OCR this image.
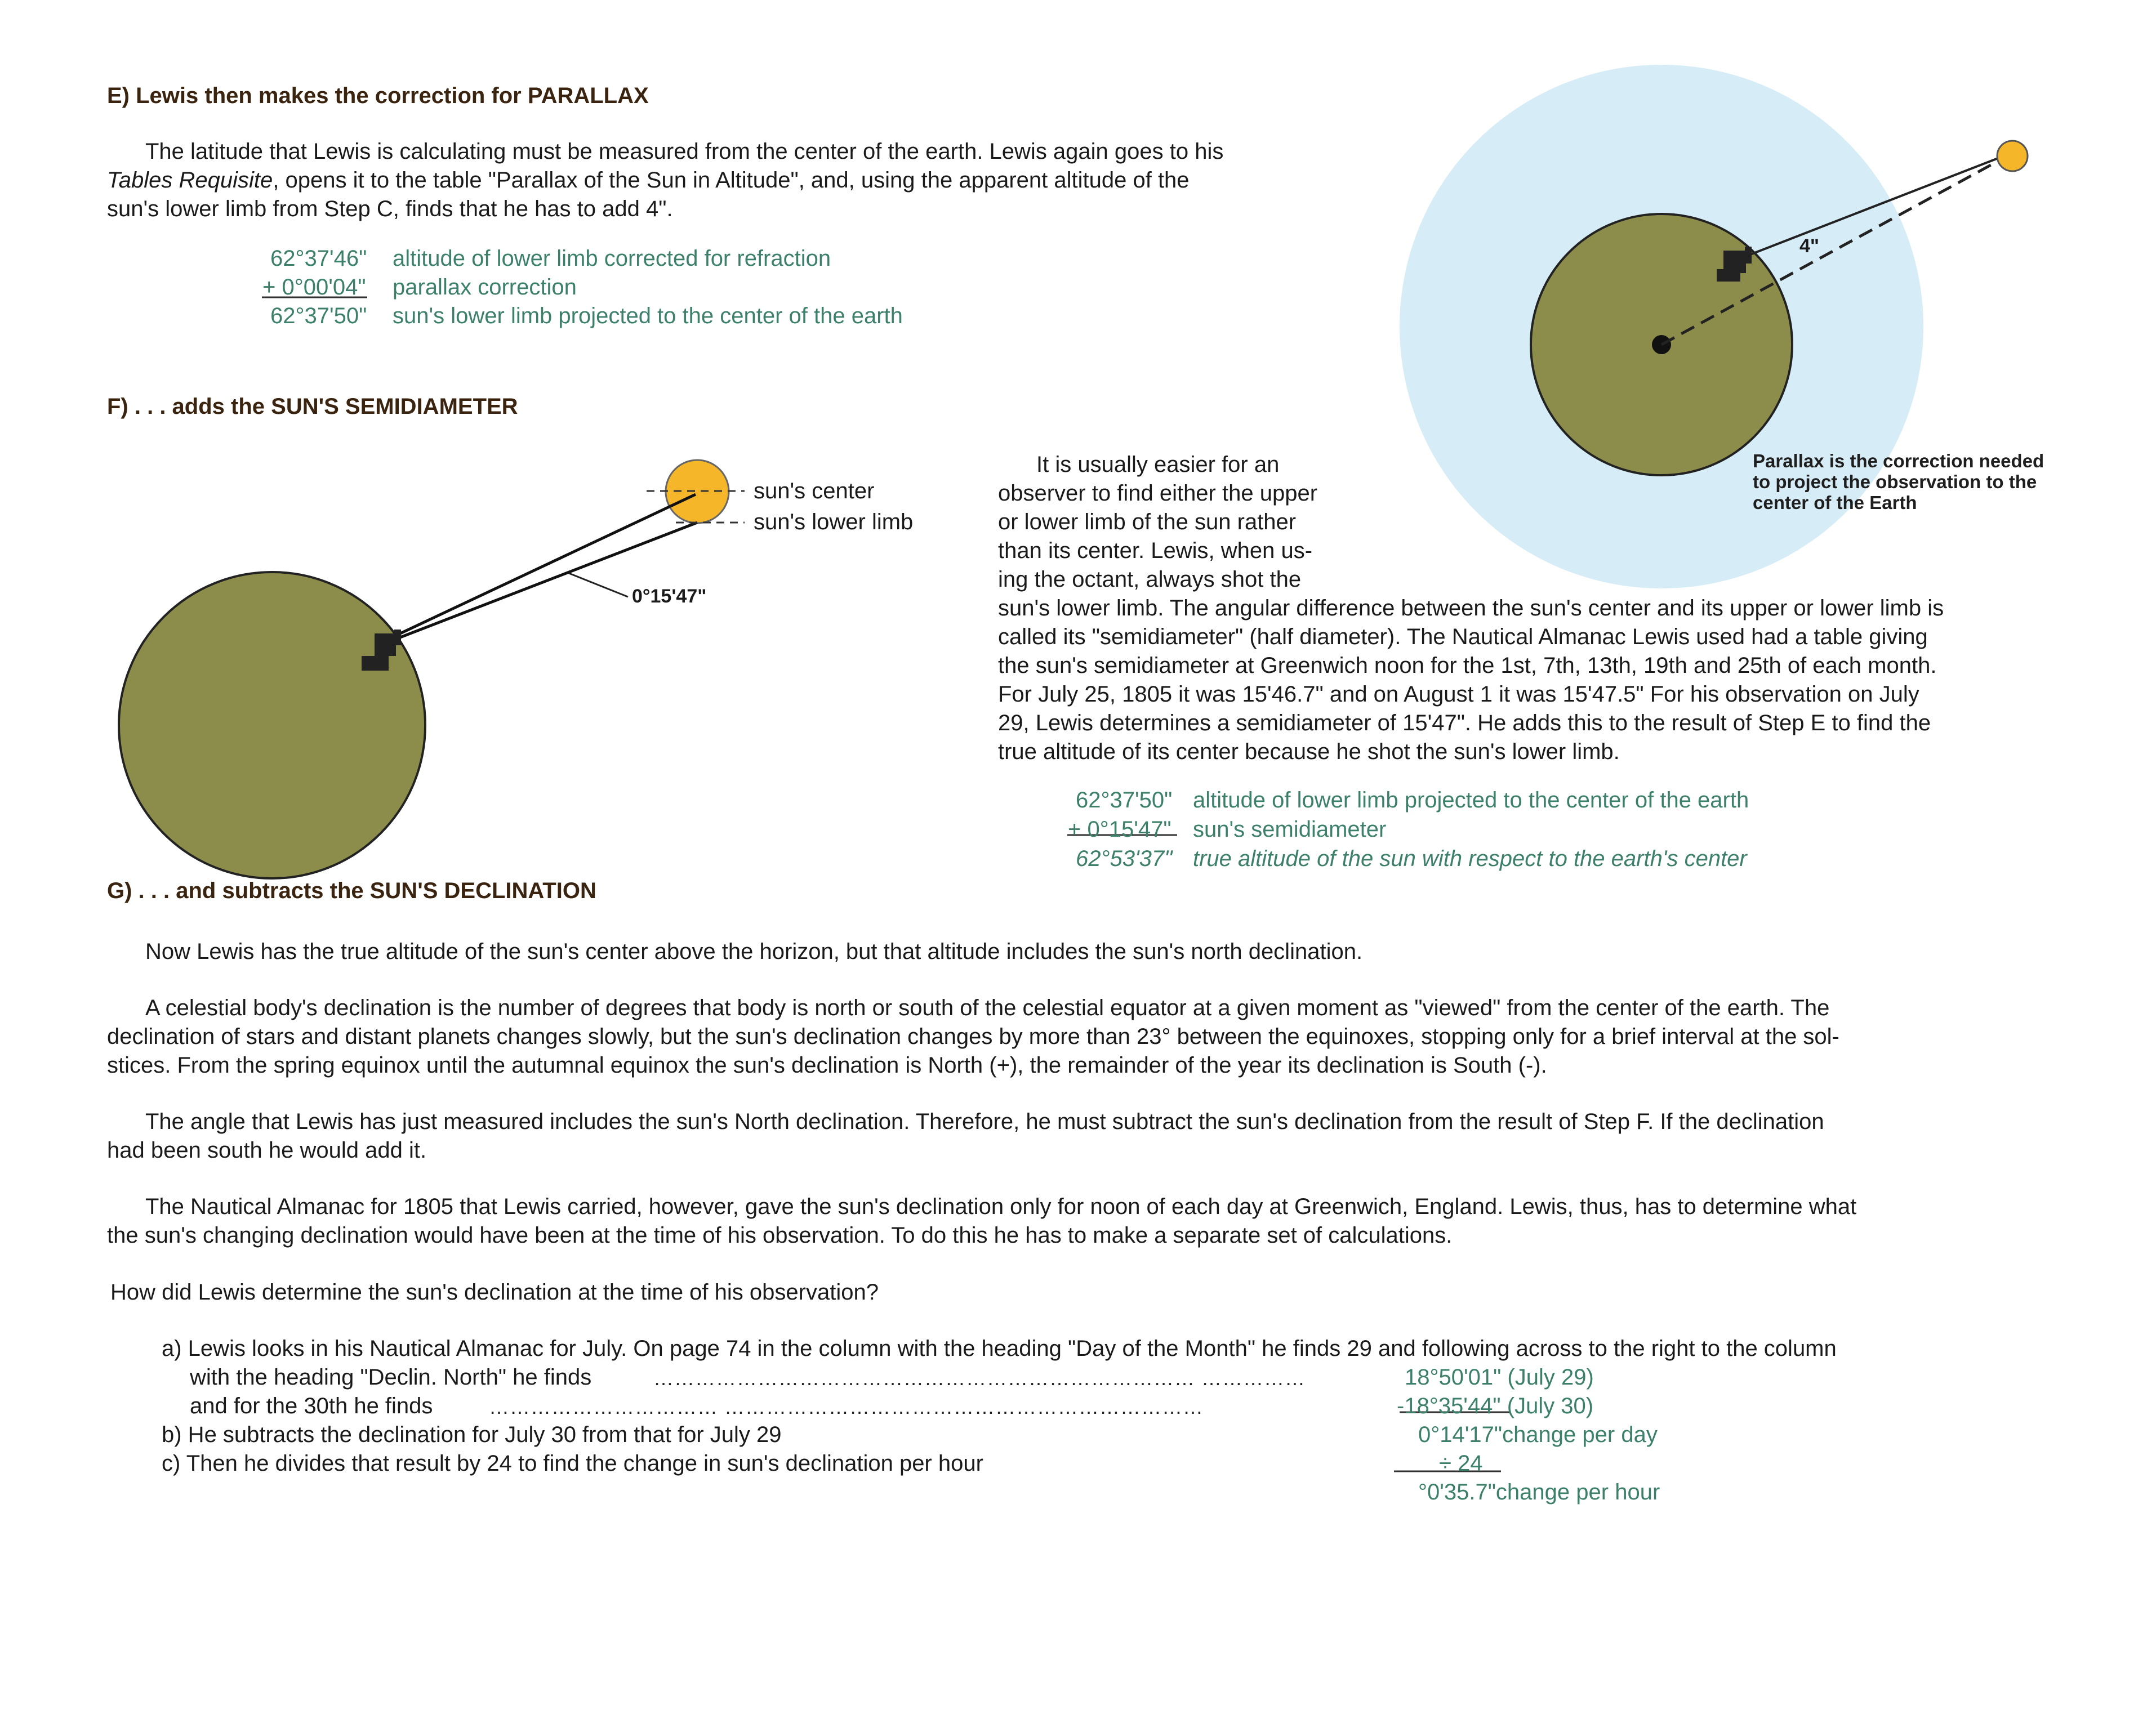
E) Lewis then makes the correction for PARALLAX
The latitude that Lewis is calculating must be measured from the center of the earth. Lewis again goes to his
Tables Requisite, opens it to the table "Parallax of the Sun in Altitude", and, using the apparent altitude of the
sun's lower limb from Step C, finds that he has to add 4".
62°37'46" altitude of lower limb corrected for refraction
+ 0°00'04" parallax correction
62°37'50" sun's lower limb projected to the center of the earth
4"
Parallax is the correction needed
to project the observation to the
center of the Earth
F) . . . adds the SUN'S SEMIDIAMETER
sun's center
sun's lower limb
0°15'47"
It is usually easier for an
observer to find either the upper
or lower limb of the sun rather
than its center. Lewis, when us-
ing the octant, always shot the
sun's lower limb. The angular difference between the sun's center and its upper or lower limb is
called its "semidiameter" (half diameter). The Nautical Almanac Lewis used had a table giving
the sun's semidiameter at Greenwich noon for the 1st, 7th, 13th, 19th and 25th of each month.
For July 25, 1805 it was 15'46.7" and on August 1 it was 15'47.5" For his observation on July
29, Lewis determines a semidiameter of 15'47". He adds this to the result of Step E to find the
true altitude of its center because he shot the sun's lower limb.
62°37'50" altitude of lower limb projected to the center of the earth
+ 0°15'47" sun's semidiameter
62°53'37" true altitude of the sun with respect to the earth's center
G) . . . and subtracts the SUN'S DECLINATION
Now Lewis has the true altitude of the sun's center above the horizon, but that altitude includes the sun's north declination.
A celestial body's declination is the number of degrees that body is north or south of the celestial equator at a given moment as "viewed" from the center of the earth. The
declination of stars and distant planets changes slowly, but the sun's declination changes by more than 23° between the equinoxes, stopping only for a brief interval at the sol-
stices. From the spring equinox until the autumnal equinox the sun's declination is North (+), the remainder of the year its declination is South (-).
The angle that Lewis has just measured includes the sun's North declination. Therefore, he must subtract the sun's declination from the result of Step F. If the declination
had been south he would add it.
The Nautical Almanac for 1805 that Lewis carried, however, gave the sun's declination only for noon of each day at Greenwich, England. Lewis, thus, has to determine what
the sun's changing declination would have been at the time of his observation. To do this he has to make a separate set of calculations.
How did Lewis determine the sun's declination at the time of his observation?
a) Lewis looks in his Nautical Almanac for July. On page 74 in the column with the heading "Day of the Month" he finds 29 and following across to the right to the column
with the heading "Declin. North" he finds	…………………………………………………………………… ……………
and for the 30th he finds	…………………………… ……………………………………………………………
b) He subtracts the declination for July 30 from that for July 29
c) Then he divides that result by 24 to find the change in sun's declination per hour
18°50'01" (July 29)
-18°35'44" (July 30)
0°14'17"change per day
÷ 24
°0'35.7"change per hour
